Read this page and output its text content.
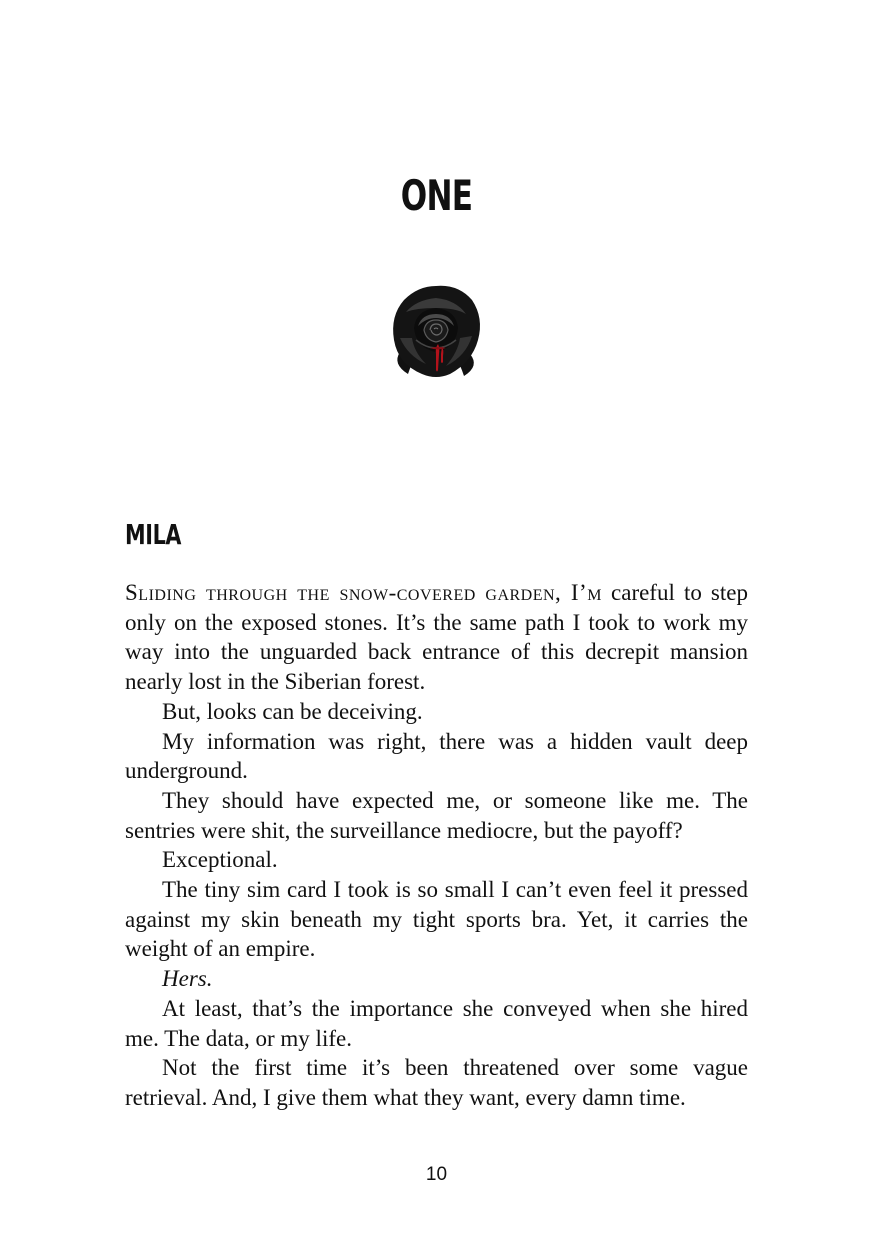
ONE
MILA

Sliding through the snow-covered garden, I’m careful to step only on the exposed stones. It’s the same path I took to work my way into the unguarded back entrance of this decrepit mansion nearly lost in the Siberian forest.

But, looks can be deceiving.

My information was right, there was a hidden vault deep underground.

They should have expected me, or someone like me. The sentries were shit, the surveillance mediocre, but the payoff?

Exceptional.

The tiny sim card I took is so small I can’t even feel it pressed against my skin beneath my tight sports bra. Yet, it carries the weight of an empire.

Hers.

At least, that’s the importance she conveyed when she hired me. The data, or my life.

Not the first time it’s been threatened over some vague retrieval. And, I give them what they want, every damn time.

10
